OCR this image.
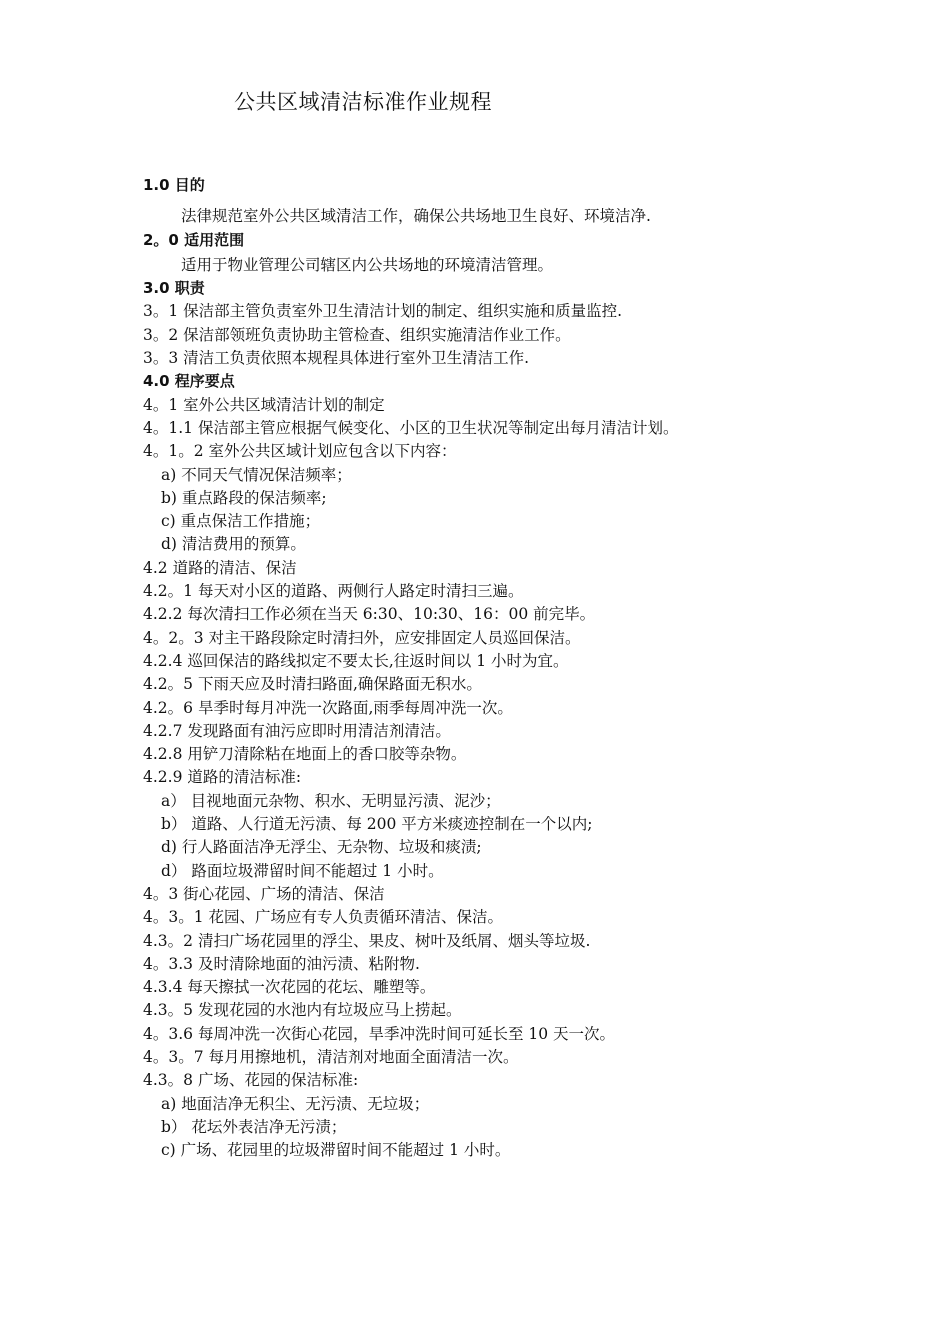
公共区域清洁标准作业规程
1.0 目的
法律规范室外公共区域清洁工作，确保公共场地卫生良好、环境洁净.
2。0 适用范围
适用于物业管理公司辖区内公共场地的环境清洁管理。
3.0 职责
3。1 保洁部主管负责室外卫生清洁计划的制定、组织实施和质量监控.
3。2 保洁部领班负责协助主管检查、组织实施清洁作业工作。
3。3 清洁工负责依照本规程具体进行室外卫生清洁工作.
4.0 程序要点
4。1 室外公共区域清洁计划的制定
4。1.1 保洁部主管应根据气候变化、小区的卫生状况等制定出每月清洁计划。
4。1。2 室外公共区域计划应包含以下内容：
a) 不同天气情况保洁频率；
b) 重点路段的保洁频率;
c) 重点保洁工作措施；
d) 清洁费用的预算。
4.2 道路的清洁、保洁
4.2。1 每天对小区的道路、两侧行人路定时清扫三遍。
4.2.2 每次清扫工作必须在当天 6:30、10:30、16：00 前完毕。
4。2。3 对主干路段除定时清扫外，应安排固定人员巡回保洁。
4.2.4 巡回保洁的路线拟定不要太长,往返时间以 1 小时为宜。
4.2。5 下雨天应及时清扫路面,确保路面无积水。
4.2。6 旱季时每月冲洗一次路面,雨季每周冲洗一次。
4.2.7 发现路面有油污应即时用清洁剂清洁。
4.2.8 用铲刀清除粘在地面上的香口胶等杂物。
4.2.9 道路的清洁标准:
a） 目视地面元杂物、积水、无明显污渍、泥沙；
b） 道路、人行道无污渍、每 200 平方米痰迹控制在一个以内;
d) 行人路面洁净无浮尘、无杂物、垃圾和痰渍;
d） 路面垃圾滞留时间不能超过 1 小时。
4。3 街心花园、广场的清洁、保洁
4。3。1 花园、广场应有专人负责循环清洁、保洁。
4.3。2 清扫广场花园里的浮尘、果皮、树叶及纸屑、烟头等垃圾.
4。3.3 及时清除地面的油污渍、粘附物.
4.3.4 每天擦拭一次花园的花坛、雕塑等。
4.3。5 发现花园的水池内有垃圾应马上捞起。
4。3.6 每周冲洗一次街心花园，旱季冲洗时间可延长至 10 天一次。
4。3。7 每月用擦地机，清洁剂对地面全面清洁一次。
4.3。8 广场、花园的保洁标准:
a) 地面洁净无积尘、无污渍、无垃圾；
b） 花坛外表洁净无污渍；
c) 广场、花园里的垃圾滞留时间不能超过 1 小时。
